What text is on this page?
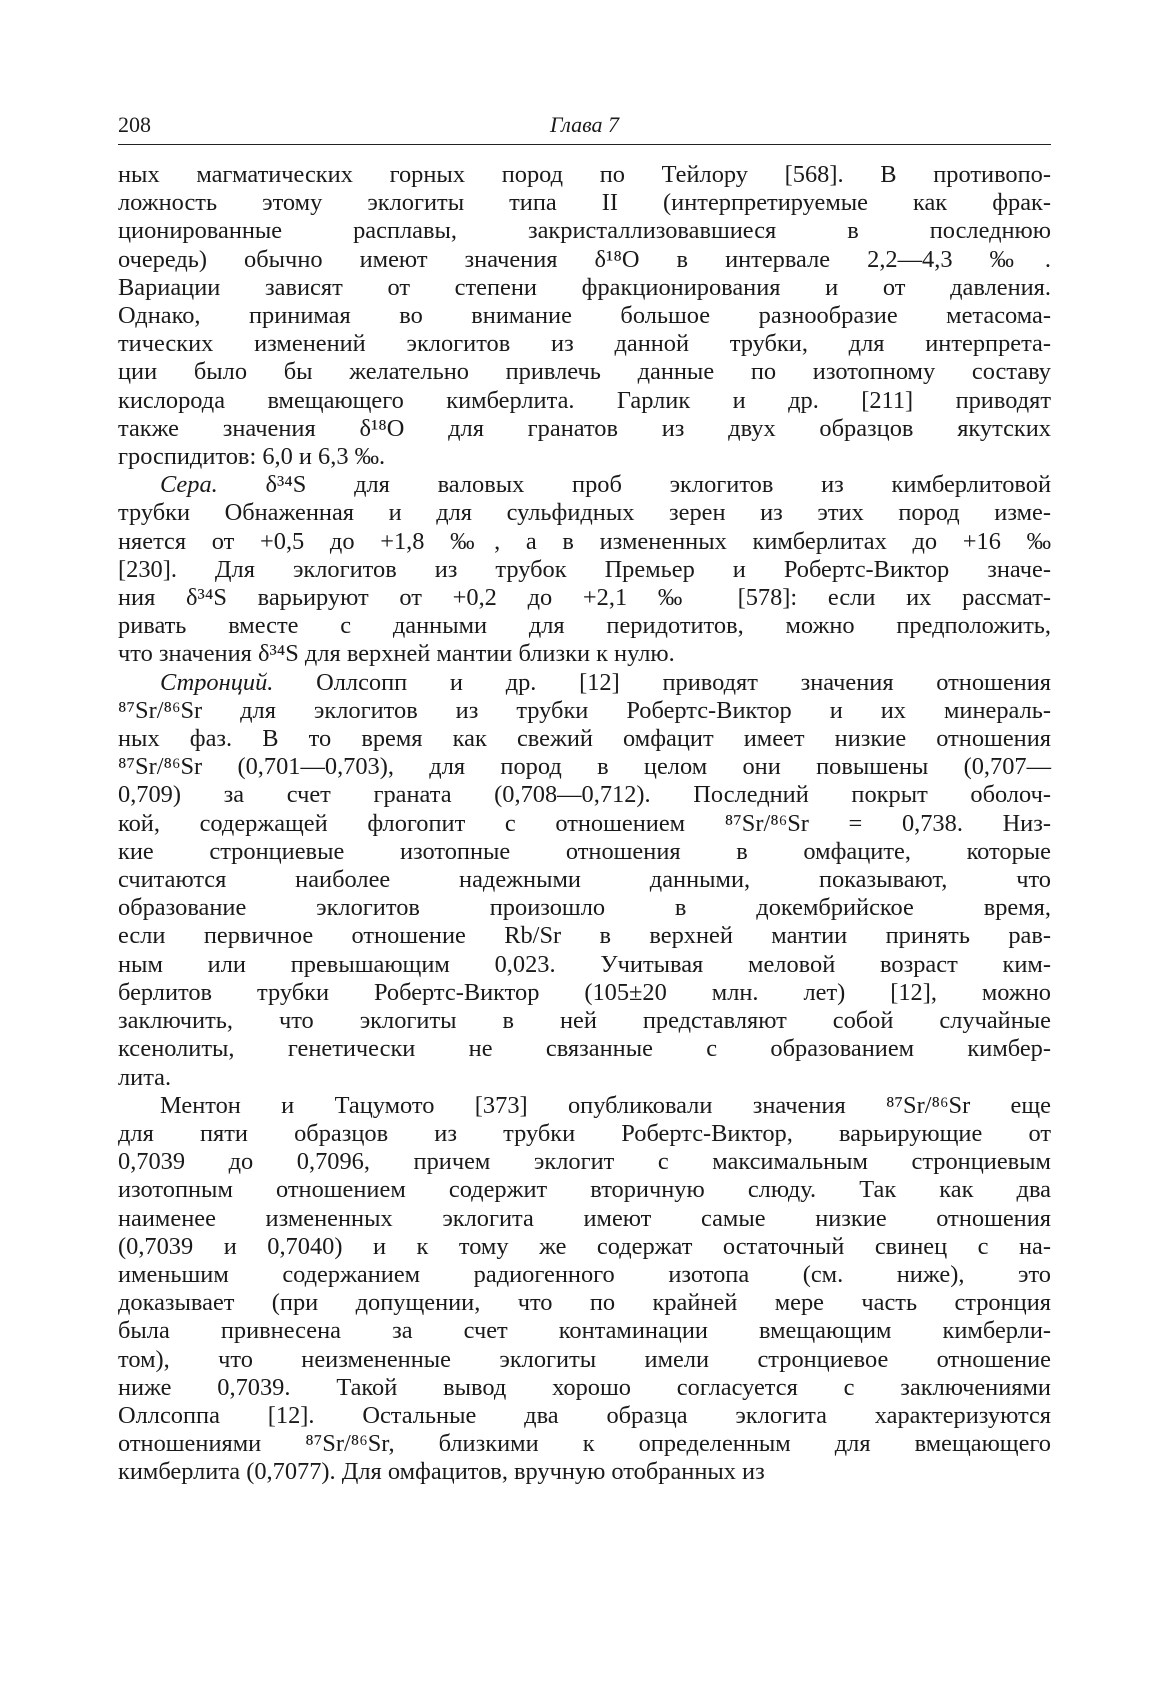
208	Глава 7

ных магматических горных пород по Тейлору [568]. В противопо-
ложность этому эклогиты типа II (интерпретируемые как фрак-
ционированные расплавы, закристаллизовавшиеся в последнюю
очередь) обычно имеют значения δ¹⁸O в интервале 2,2—4,3 ‰.
Вариации зависят от степени фракционирования и от давления.
Однако, принимая во внимание большое разнообразие метасома-
тических изменений эклогитов из данной трубки, для интерпрета-
ции было бы желательно привлечь данные по изотопному составу
кислорода вмещающего кимберлита. Гарлик и др. [211] приводят
также значения δ¹⁸O для гранатов из двух образцов якутских
гроспидитов: 6,0 и 6,3 ‰.

Сера. δ³⁴S для валовых проб эклогитов из кимберлитовой
трубки Обнаженная и для сульфидных зерен из этих пород изме-
няется от +0,5 до +1,8 ‰, а в измененных кимберлитах до +16 ‰
[230]. Для эклогитов из трубок Премьер и Робертс-Виктор значе-
ния δ³⁴S варьируют от +0,2 до +2,1 ‰ [578]: если их рассмат-
ривать вместе с данными для перидотитов, можно предположить,
что значения δ³⁴S для верхней мантии близки к нулю.

Стронций. Оллсопп и др. [12] приводят значения отношения
⁸⁷Sr/⁸⁶Sr для эклогитов из трубки Робертс-Виктор и их минераль-
ных фаз. В то время как свежий омфацит имеет низкие отношения
⁸⁷Sr/⁸⁶Sr (0,701—0,703), для пород в целом они повышены (0,707—
0,709) за счет граната (0,708—0,712). Последний покрыт оболоч-
кой, содержащей флогопит с отношением ⁸⁷Sr/⁸⁶Sr = 0,738. Низ-
кие стронциевые изотопные отношения в омфаците, которые
считаются наиболее надежными данными, показывают, что
образование эклогитов произошло в докембрийское время,
если первичное отношение Rb/Sr в верхней мантии принять рав-
ным или превышающим 0,023. Учитывая меловой возраст ким-
берлитов трубки Робертс-Виктор (105±20 млн. лет) [12], можно
заключить, что эклогиты в ней представляют собой случайные
ксенолиты, генетически не связанные с образованием кимбер-
лита.

Ментон и Тацумото [373] опубликовали значения ⁸⁷Sr/⁸⁶Sr еще
для пяти образцов из трубки Робертс-Виктор, варьирующие от
0,7039 до 0,7096, причем эклогит с максимальным стронциевым
изотопным отношением содержит вторичную слюду. Так как два
наименее измененных эклогита имеют самые низкие отношения
(0,7039 и 0,7040) и к тому же содержат остаточный свинец с на-
именьшим содержанием радиогенного изотопа (см. ниже), это
доказывает (при допущении, что по крайней мере часть стронция
была привнесена за счет контаминации вмещающим кимберли-
том), что неизмененные эклогиты имели стронциевое отношение
ниже 0,7039. Такой вывод хорошо согласуется с заключениями
Оллсоппа [12]. Остальные два образца эклогита характеризуются
отношениями ⁸⁷Sr/⁸⁶Sr, близкими к определенным для вмещающего
кимберлита (0,7077). Для омфацитов, вручную отобранных из
